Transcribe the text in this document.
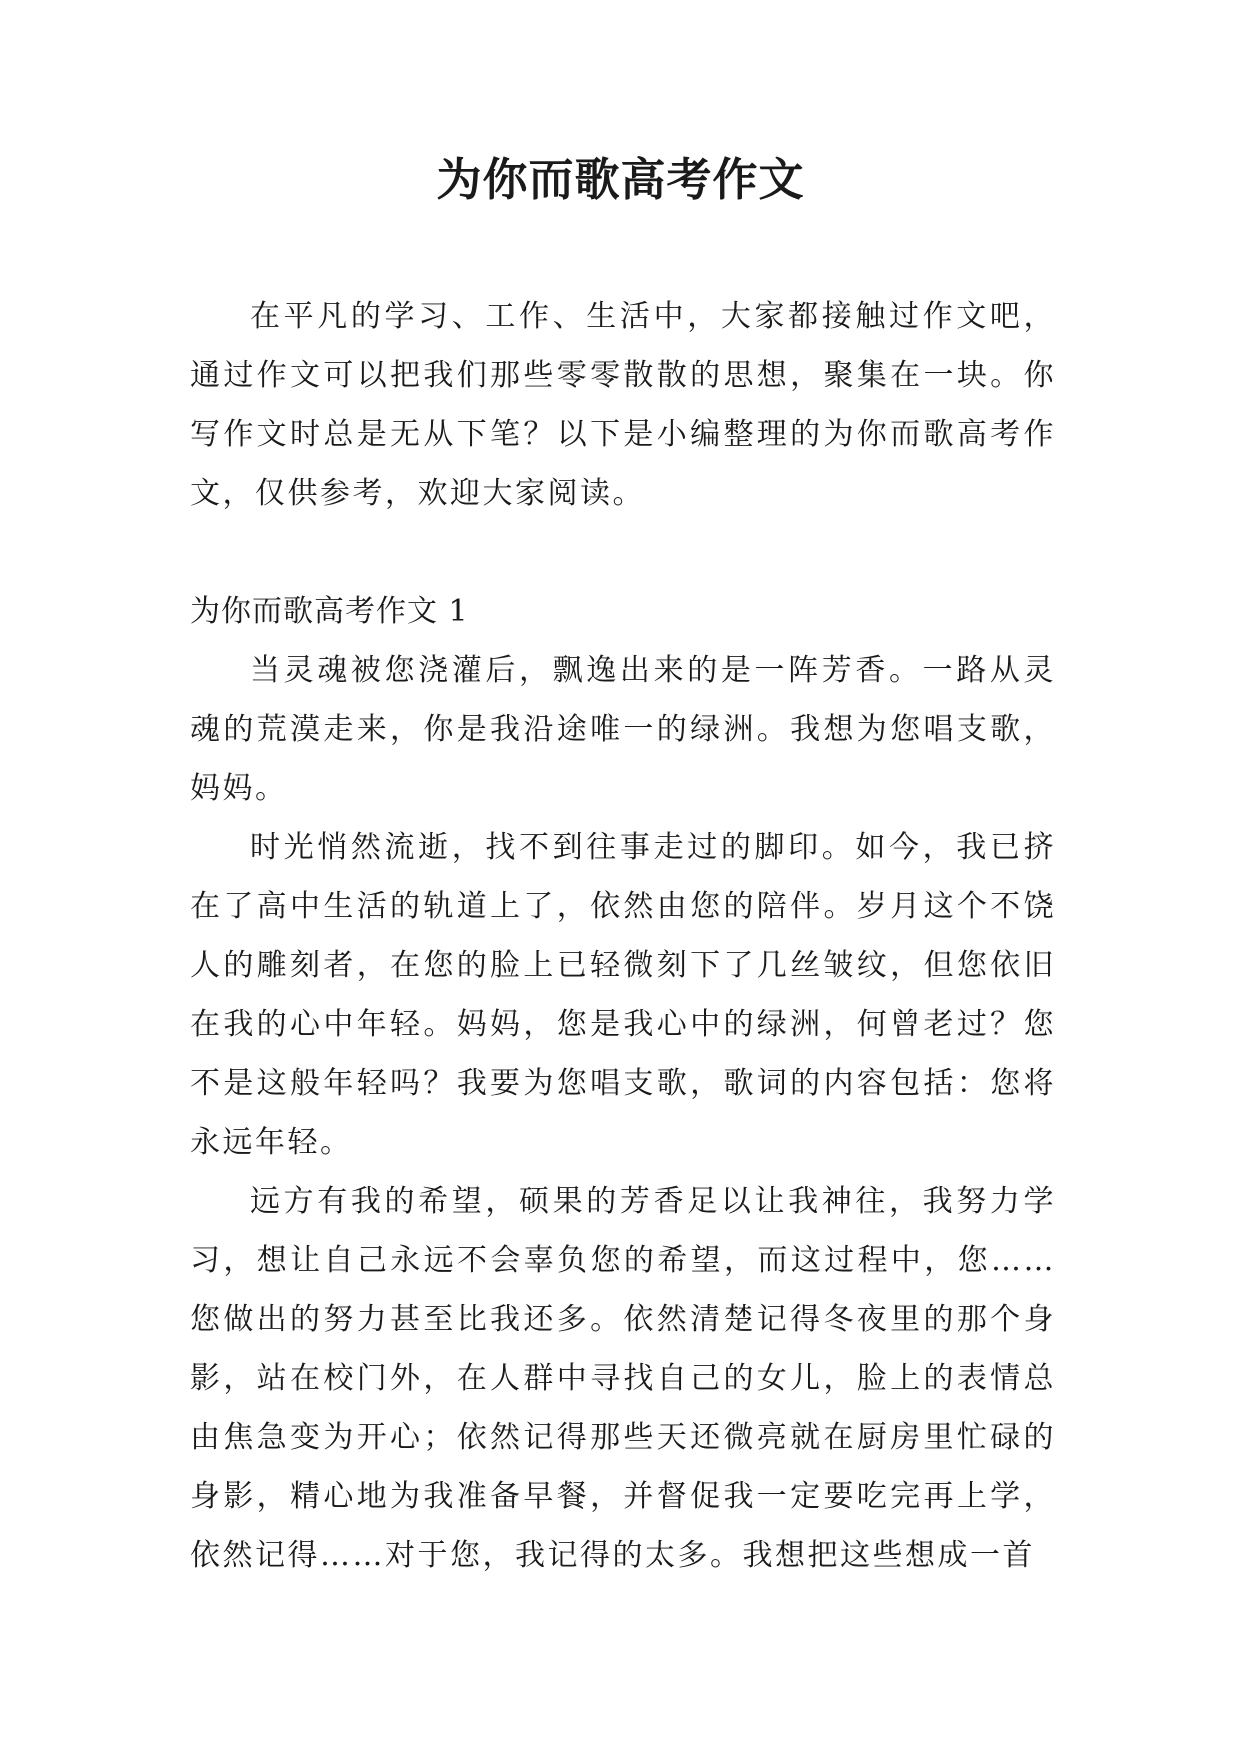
为你而歌高考作文

在平凡的学习、工作、生活中，大家都接触过作文吧，通过作文可以把我们那些零零散散的思想，聚集在一块。你写作文时总是无从下笔？以下是小编整理的为你而歌高考作文，仅供参考，欢迎大家阅读。

为你而歌高考作文 1

当灵魂被您浇灌后，飘逸出来的是一阵芳香。一路从灵魂的荒漠走来，你是我沿途唯一的绿洲。我想为您唱支歌，妈妈。

时光悄然流逝，找不到往事走过的脚印。如今，我已挤在了高中生活的轨道上了，依然由您的陪伴。岁月这个不饶人的雕刻者，在您的脸上已轻微刻下了几丝皱纹，但您依旧在我的心中年轻。妈妈，您是我心中的绿洲，何曾老过？您不是这般年轻吗？我要为您唱支歌，歌词的内容包括：您将永远年轻。

远方有我的希望，硕果的芳香足以让我神往，我努力学习，想让自己永远不会辜负您的希望，而这过程中，您……您做出的努力甚至比我还多。依然清楚记得冬夜里的那个身影，站在校门外，在人群中寻找自己的女儿，脸上的表情总由焦急变为开心；依然记得那些天还微亮就在厨房里忙碌的身影，精心地为我准备早餐，并督促我一定要吃完再上学，依然记得……对于您，我记得的太多。我想把这些想成一首
